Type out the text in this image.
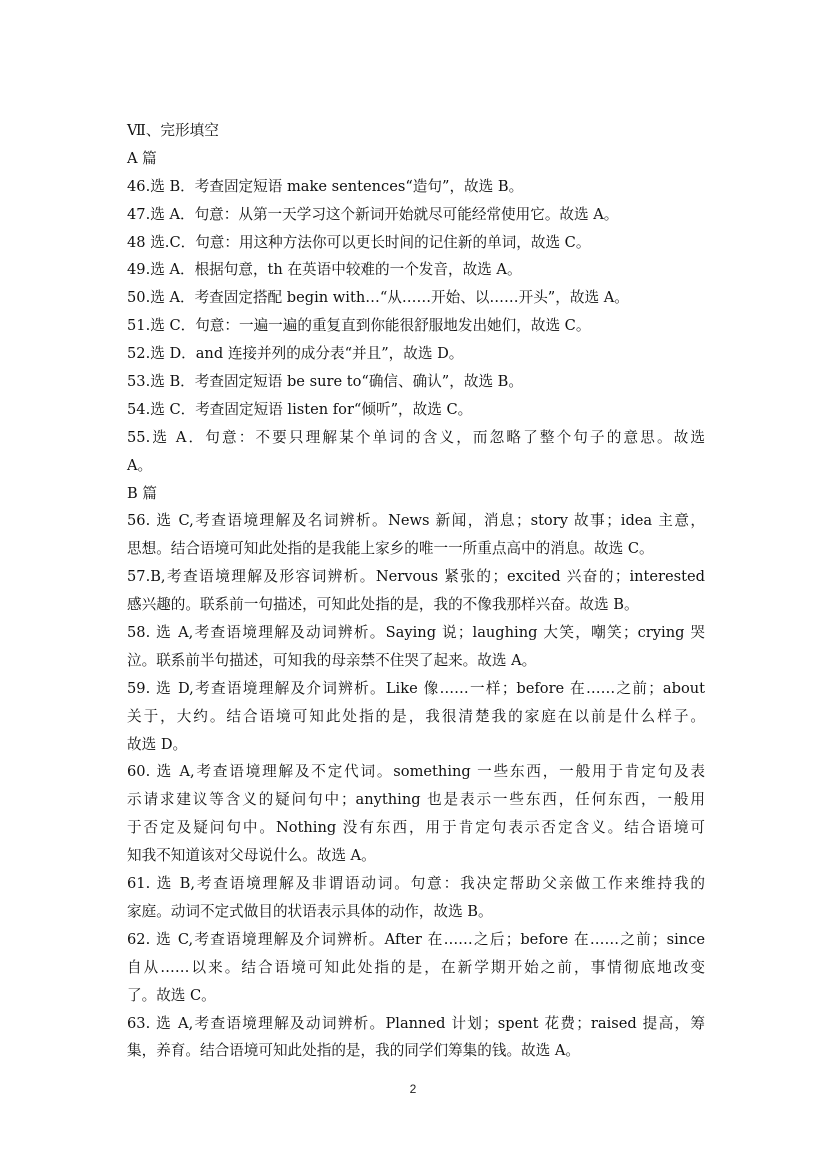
Ⅶ、完形填空

A 篇

46.选 B．考查固定短语 make sentences“造句”，故选 B。

47.选 A．句意：从第一天学习这个新词开始就尽可能经常使用它。故选 A。

48 选.C．句意：用这种方法你可以更长时间的记住新的单词，故选 C。

49.选 A．根据句意，th 在英语中较难的一个发音，故选 A。

50.选 A．考查固定搭配 begin with…“从……开始、以……开头”，故选 A。

51.选 C．句意：一遍一遍的重复直到你能很舒服地发出她们，故选 C。

52.选 D．and 连接并列的成分表“并且”，故选 D。

53.选 B．考查固定短语 be sure to“确信、确认”，故选 B。

54.选 C．考查固定短语 listen for“倾听”，故选 C。

55.选 A．句意：不要只理解某个单词的含义，而忽略了整个句子的意思。故选

A。

B 篇

56. 选 C,考查语境理解及名词辨析。News 新闻，消息；story 故事；idea 主意，

思想。结合语境可知此处指的是我能上家乡的唯一一所重点高中的消息。故选 C。

57.B,考查语境理解及形容词辨析。Nervous 紧张的；excited 兴奋的；interested

感兴趣的。联系前一句描述，可知此处指的是，我的不像我那样兴奋。故选 B。

58. 选 A,考查语境理解及动词辨析。Saying 说；laughing 大笑，嘲笑；crying 哭

泣。联系前半句描述，可知我的母亲禁不住哭了起来。故选 A。

59. 选 D,考查语境理解及介词辨析。Like 像……一样；before 在……之前；about

关于，大约。结合语境可知此处指的是，我很清楚我的家庭在以前是什么样子。

故选 D。

60. 选 A,考查语境理解及不定代词。something 一些东西，一般用于肯定句及表

示请求建议等含义的疑问句中；anything 也是表示一些东西，任何东西，一般用

于否定及疑问句中。Nothing 没有东西，用于肯定句表示否定含义。结合语境可

知我不知道该对父母说什么。故选 A。

61. 选 B,考查语境理解及非谓语动词。句意：我决定帮助父亲做工作来维持我的

家庭。动词不定式做目的状语表示具体的动作，故选 B。

62. 选 C,考查语境理解及介词辨析。After 在……之后；before 在……之前；since

自从……以来。结合语境可知此处指的是，在新学期开始之前，事情彻底地改变

了。故选 C。

63. 选 A,考查语境理解及动词辨析。Planned 计划；spent 花费；raised 提高，筹

集，养育。结合语境可知此处指的是，我的同学们筹集的钱。故选 A。

2
